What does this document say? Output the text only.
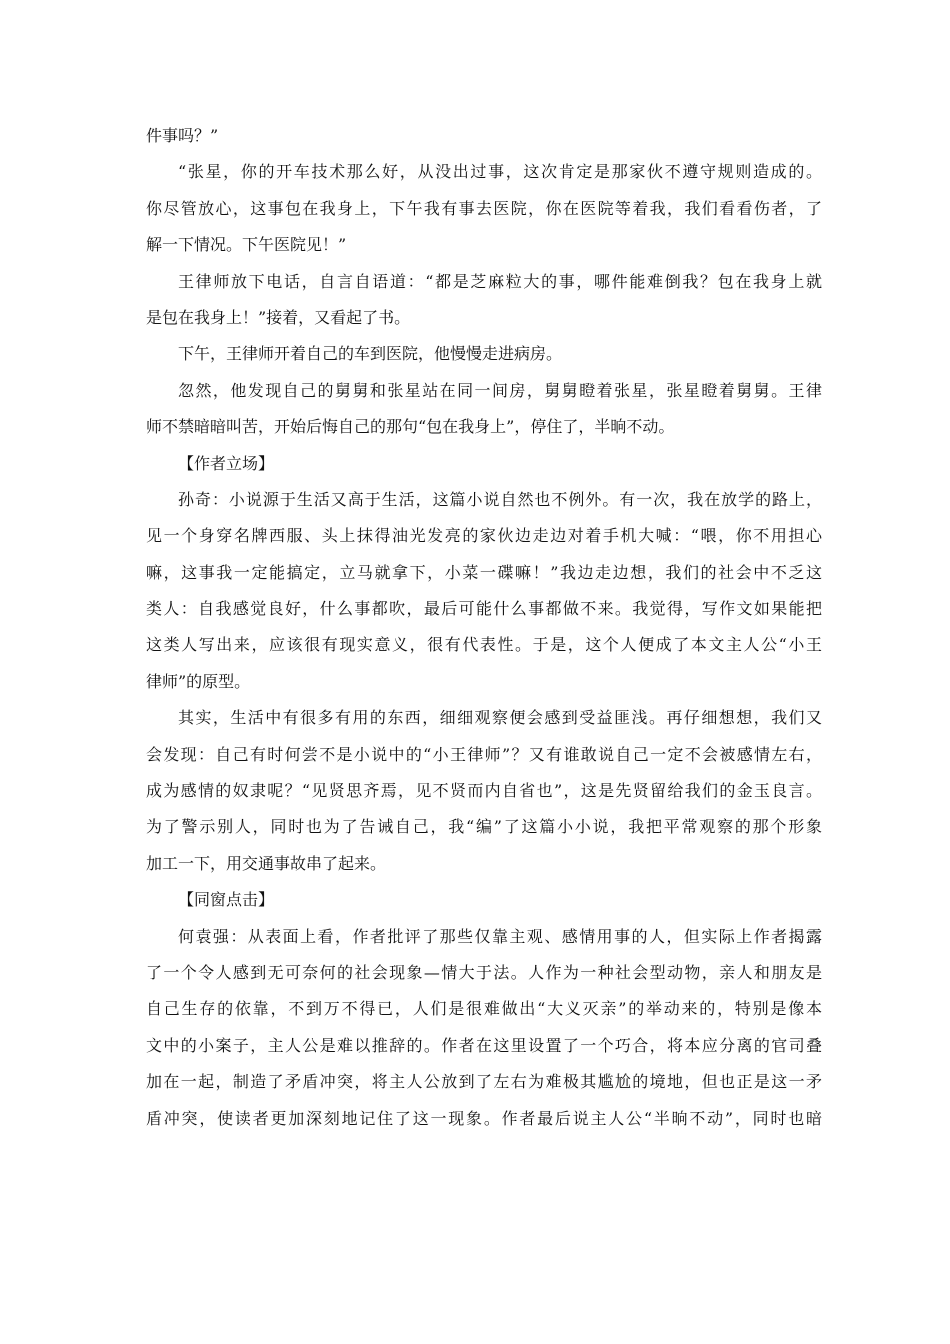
件事吗？”
“张星，你的开车技术那么好，从没出过事，这次肯定是那家伙不遵守规则造成的。
你尽管放心，这事包在我身上，下午我有事去医院，你在医院等着我，我们看看伤者，了
解一下情况。下午医院见！”
王律师放下电话，自言自语道：“都是芝麻粒大的事，哪件能难倒我？包在我身上就
是包在我身上！”接着，又看起了书。
下午，王律师开着自己的车到医院，他慢慢走进病房。
忽然，他发现自己的舅舅和张星站在同一间房，舅舅瞪着张星，张星瞪着舅舅。王律
师不禁暗暗叫苦，开始后悔自己的那句“包在我身上”，停住了，半晌不动。
【作者立场】
孙奇：小说源于生活又高于生活，这篇小说自然也不例外。有一次，我在放学的路上，
见一个身穿名牌西服、头上抹得油光发亮的家伙边走边对着手机大喊：“喂，你不用担心
嘛，这事我一定能搞定，立马就拿下，小菜一碟嘛！”我边走边想，我们的社会中不乏这
类人：自我感觉良好，什么事都吹，最后可能什么事都做不来。我觉得，写作文如果能把
这类人写出来，应该很有现实意义，很有代表性。于是，这个人便成了本文主人公“小王
律师”的原型。
其实，生活中有很多有用的东西，细细观察便会感到受益匪浅。再仔细想想，我们又
会发现：自己有时何尝不是小说中的“小王律师”？又有谁敢说自己一定不会被感情左右，
成为感情的奴隶呢？“见贤思齐焉，见不贤而内自省也”，这是先贤留给我们的金玉良言。
为了警示别人，同时也为了告诫自己，我“编”了这篇小小说，我把平常观察的那个形象
加工一下，用交通事故串了起来。
【同窗点击】
何袁强：从表面上看，作者批评了那些仅靠主观、感情用事的人，但实际上作者揭露
了一个令人感到无可奈何的社会现象—情大于法。人作为一种社会型动物，亲人和朋友是
自己生存的依靠，不到万不得已，人们是很难做出“大义灭亲”的举动来的，特别是像本
文中的小案子，主人公是难以推辞的。作者在这里设置了一个巧合，将本应分离的官司叠
加在一起，制造了矛盾冲突，将主人公放到了左右为难极其尴尬的境地，但也正是这一矛
盾冲突，使读者更加深刻地记住了这一现象。作者最后说主人公“半晌不动”，同时也暗
